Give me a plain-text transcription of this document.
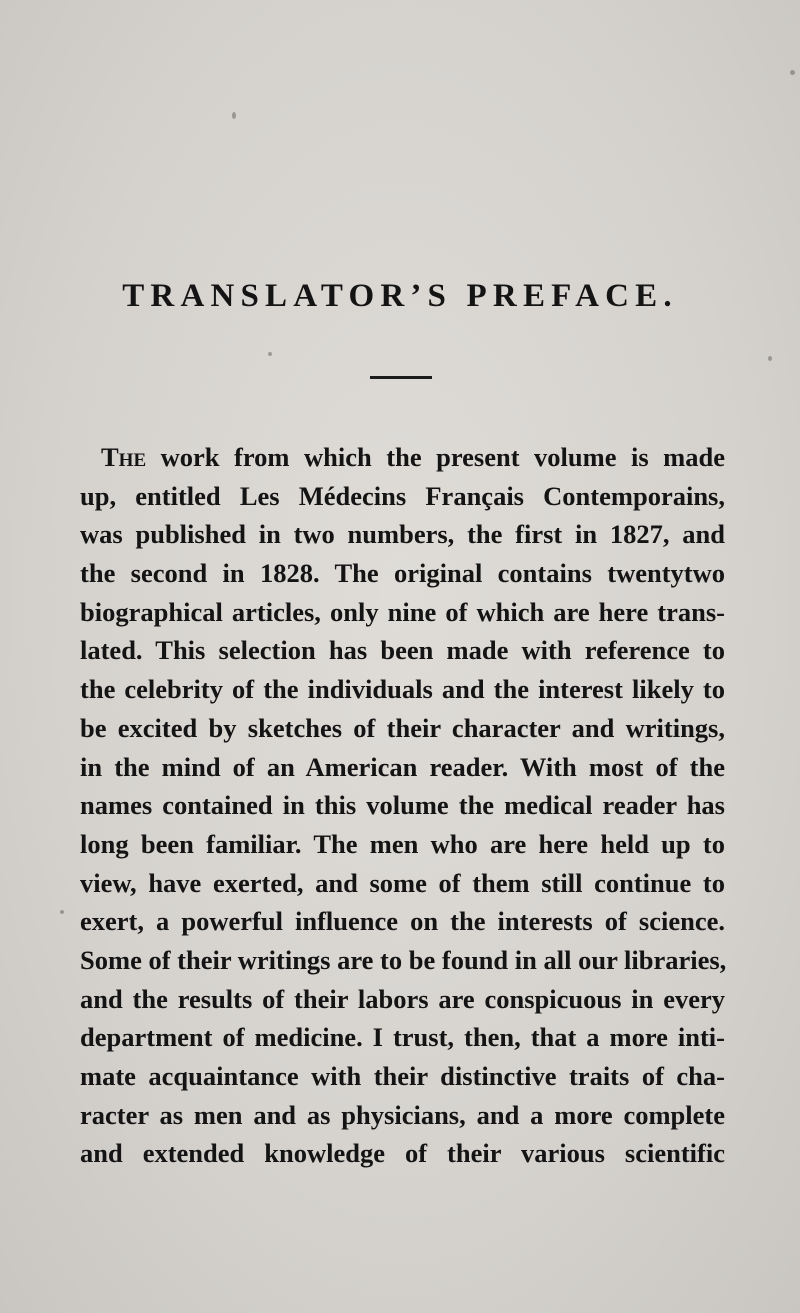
TRANSLATOR’S PREFACE.
The work from which the present volume is made
up, entitled Les Médecins Français Contemporains,
was published in two numbers, the first in 1827, and
the second in 1828. The original contains twentytwo
biographical articles, only nine of which are here trans-
lated. This selection has been made with reference to
the celebrity of the individuals and the interest likely to
be excited by sketches of their character and writings,
in the mind of an American reader. With most of the
names contained in this volume the medical reader has
long been familiar. The men who are here held up to
view, have exerted, and some of them still continue to
exert, a powerful influence on the interests of science.
Some of their writings are to be found in all our libraries,
and the results of their labors are conspicuous in every
department of medicine. I trust, then, that a more inti-
mate acquaintance with their distinctive traits of cha-
racter as men and as physicians, and a more complete
and extended knowledge of their various scientific
